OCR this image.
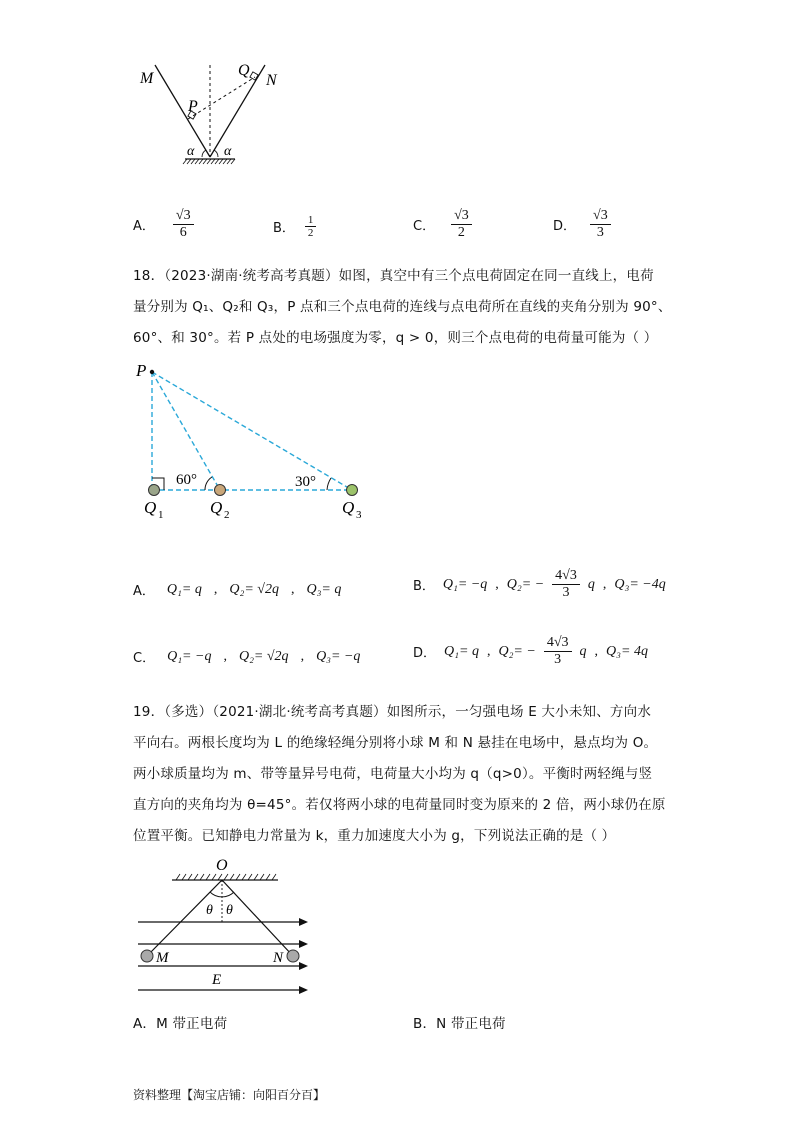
M	N
Q
P
α α
A． $\frac{√3}{6}$	B． $\frac{1}{2}$	C． $\frac{√3}{2}$	D． $\frac{√3}{3}$
18．（2023·湖南·统考高考真题）如图，真空中有三个点电荷固定在同一直线上，电荷
量分别为 Q₁、Q₂和 Q₃，P 点和三个点电荷的连线与点电荷所在直线的夹角分别为 90°、
60°、和 30°。若 P 点处的电场强度为零，q > 0，则三个点电荷的电荷量可能为（ ）
P
60°	30°
Q 1	Q 2	Q 3
A． Q₁= q , Q₂= √2q , Q₃= q	B． Q₁= −q , $Q_2= - \frac{4√3}{3}$ q , Q₃= −4q
C． Q₁= −q , Q₂= √2q , Q₃= −q	D． Q₁= q , $Q_2= - \frac{4√3}{3}$ q , Q₃= 4q
19．（多选）（2021·湖北·统考高考真题）如图所示，一匀强电场 E 大小未知、方向水
平向右。两根长度均为 L 的绝缘轻绳分别将小球 M 和 N 悬挂在电场中，悬点均为 O。
两小球质量均为 m、带等量异号电荷，电荷量大小均为 q（q>0）。平衡时两轻绳与竖
直方向的夹角均为 θ=45°。若仅将两小球的电荷量同时变为原来的 2 倍，两小球仍在原
位置平衡。已知静电力常量为 k，重力加速度大小为 g，下列说法正确的是（ ）
O
θ θ
M	N
E
A．M 带正电荷	B．N 带正电荷
资料整理【淘宝店铺：向阳百分百】
